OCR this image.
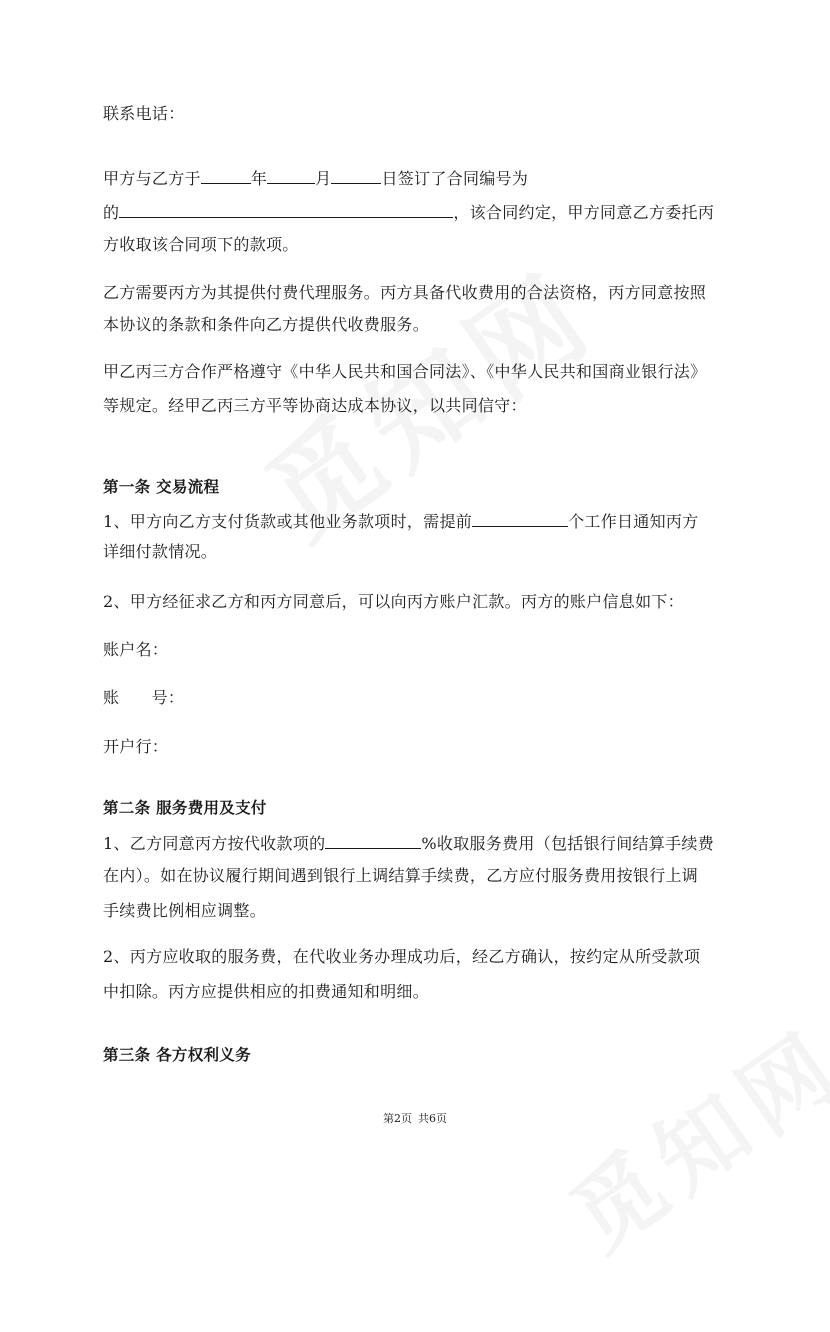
联系电话：
甲方与乙方于	年	月	日签订了合同编号为
的	，该合同约定，甲方同意乙方委托丙
方收取该合同项下的款项。
乙方需要丙方为其提供付费代理服务。丙方具备代收费用的合法资格，丙方同意按照
本协议的条款和条件向乙方提供代收费服务。
甲乙丙三方合作严格遵守《中华人民共和国合同法》、《中华人民共和国商业银行法》
等规定。经甲乙丙三方平等协商达成本协议，以共同信守：
第一条 交易流程
1、甲方向乙方支付货款或其他业务款项时，需提前	个工作日通知丙方
详细付款情况。
2、甲方经征求乙方和丙方同意后，可以向丙方账户汇款。丙方的账户信息如下：
账户名：
账      号：
开户行：
第二条 服务费用及支付
1、乙方同意丙方按代收款项的	%收取服务费用（包括银行间结算手续费
在内）。如在协议履行期间遇到银行上调结算手续费，乙方应付服务费用按银行上调
手续费比例相应调整。
2、丙方应收取的服务费，在代收业务办理成功后，经乙方确认，按约定从所受款项
中扣除。丙方应提供相应的扣费通知和明细。
第三条 各方权利义务
第2页 共6页
